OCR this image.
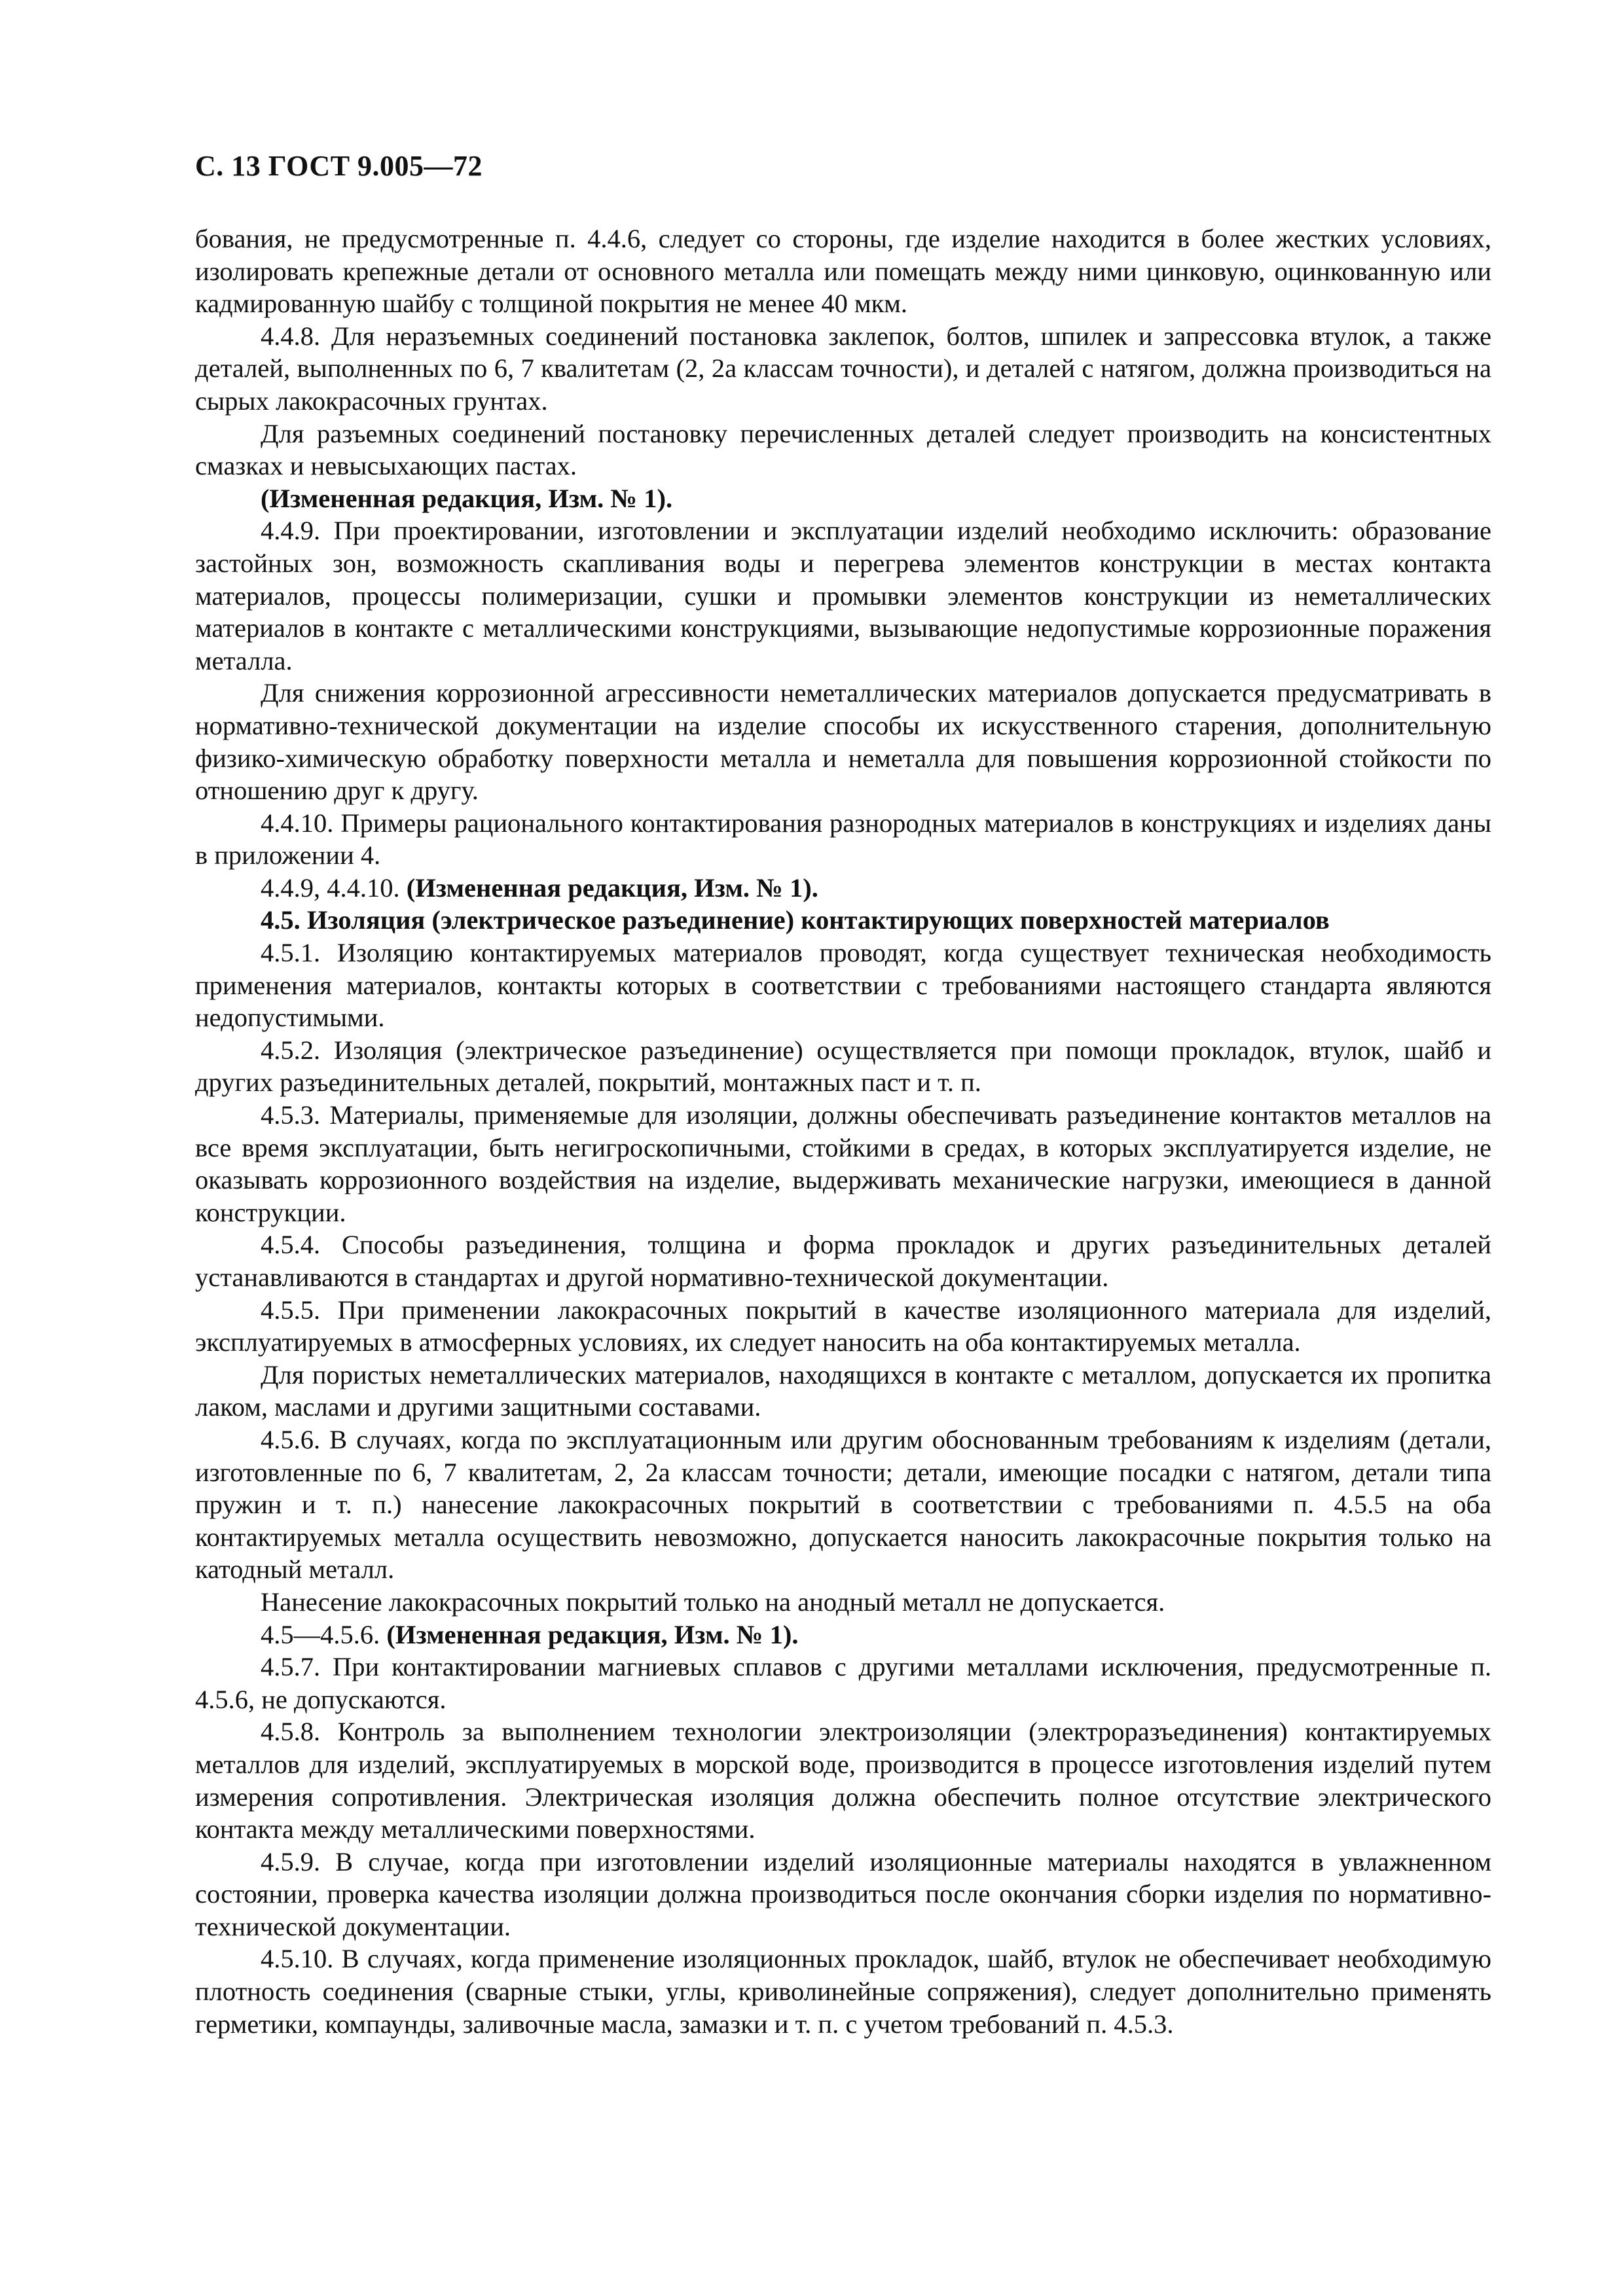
С. 13 ГОСТ 9.005—72

бования, не предусмотренные п. 4.4.6, следует со стороны, где изделие находится в более жестких условиях, изолировать крепежные детали от основного металла или помещать между ними цинковую, оцинкованную или кадмированную шайбу с толщиной покрытия не менее 40 мкм.

4.4.8. Для неразъемных соединений постановка заклепок, болтов, шпилек и запрессовка втулок, а также деталей, выполненных по 6, 7 квалитетам (2, 2а классам точности), и деталей с натягом, должна производиться на сырых лакокрасочных грунтах.

Для разъемных соединений постановку перечисленных деталей следует производить на консистентных смазках и невысыхающих пастах.

(Измененная редакция, Изм. № 1).

4.4.9. При проектировании, изготовлении и эксплуатации изделий необходимо исключить: образование застойных зон, возможность скапливания воды и перегрева элементов конструкции в местах контакта материалов, процессы полимеризации, сушки и промывки элементов конструкции из неметаллических материалов в контакте с металлическими конструкциями, вызывающие недопустимые коррозионные поражения металла.

Для снижения коррозионной агрессивности неметаллических материалов допускается предусматривать в нормативно-технической документации на изделие способы их искусственного старения, дополнительную физико-химическую обработку поверхности металла и неметалла для повышения коррозионной стойкости по отношению друг к другу.

4.4.10. Примеры рационального контактирования разнородных материалов в конструкциях и изделиях даны в приложении 4.

4.4.9, 4.4.10. (Измененная редакция, Изм. № 1).

4.5. Изоляция (электрическое разъединение) контактирующих поверхностей материалов

4.5.1. Изоляцию контактируемых материалов проводят, когда существует техническая необходимость применения материалов, контакты которых в соответствии с требованиями настоящего стандарта являются недопустимыми.

4.5.2. Изоляция (электрическое разъединение) осуществляется при помощи прокладок, втулок, шайб и других разъединительных деталей, покрытий, монтажных паст и т. п.

4.5.3. Материалы, применяемые для изоляции, должны обеспечивать разъединение контактов металлов на все время эксплуатации, быть негигроскопичными, стойкими в средах, в которых эксплуатируется изделие, не оказывать коррозионного воздействия на изделие, выдерживать механические нагрузки, имеющиеся в данной конструкции.

4.5.4. Способы разъединения, толщина и форма прокладок и других разъединительных деталей устанавливаются в стандартах и другой нормативно-технической документации.

4.5.5. При применении лакокрасочных покрытий в качестве изоляционного материала для изделий, эксплуатируемых в атмосферных условиях, их следует наносить на оба контактируемых металла.

Для пористых неметаллических материалов, находящихся в контакте с металлом, допускается их пропитка лаком, маслами и другими защитными составами.

4.5.6. В случаях, когда по эксплуатационным или другим обоснованным требованиям к изделиям (детали, изготовленные по 6, 7 квалитетам, 2, 2а классам точности; детали, имеющие посадки с натягом, детали типа пружин и т. п.) нанесение лакокрасочных покрытий в соответствии с требованиями п. 4.5.5 на оба контактируемых металла осуществить невозможно, допускается наносить лакокрасочные покрытия только на катодный металл.

Нанесение лакокрасочных покрытий только на анодный металл не допускается.

4.5—4.5.6. (Измененная редакция, Изм. № 1).

4.5.7. При контактировании магниевых сплавов с другими металлами исключения, предусмотренные п. 4.5.6, не допускаются.

4.5.8. Контроль за выполнением технологии электроизоляции (электроразъединения) контактируемых металлов для изделий, эксплуатируемых в морской воде, производится в процессе изготовления изделий путем измерения сопротивления. Электрическая изоляция должна обеспечить полное отсутствие электрического контакта между металлическими поверхностями.

4.5.9. В случае, когда при изготовлении изделий изоляционные материалы находятся в увлажненном состоянии, проверка качества изоляции должна производиться после окончания сборки изделия по нормативно-технической документации.

4.5.10. В случаях, когда применение изоляционных прокладок, шайб, втулок не обеспечивает необходимую плотность соединения (сварные стыки, углы, криволинейные сопряжения), следует дополнительно применять герметики, компаунды, заливочные масла, замазки и т. п. с учетом требований п. 4.5.3.
